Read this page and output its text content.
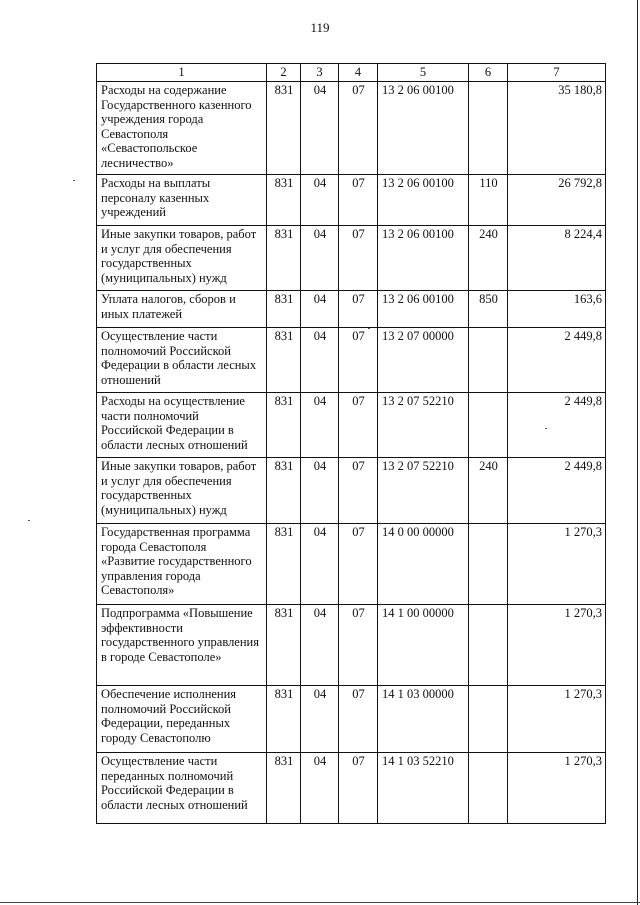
119
1	2	3	4	5	6	7
Расходы на содержание Государственного казенного учреждения города Севастополя «Севастопольское лесничество»	831	04	07	13 2 06 00100		35 180,8
Расходы на выплаты персоналу казенных учреждений	831	04	07	13 2 06 00100	110	26 792,8
Иные закупки товаров, работ и услуг для обеспечения государственных (муниципальных) нужд	831	04	07	13 2 06 00100	240	8 224,4
Уплата налогов, сборов и иных платежей	831	04	07	13 2 06 00100	850	163,6
Осуществление части полномочий Российской Федерации в области лесных отношений	831	04	07	13 2 07 00000		2 449,8
Расходы на осуществление части полномочий Российской Федерации в области лесных отношений	831	04	07	13 2 07 52210		2 449,8
Иные закупки товаров, работ и услуг для обеспечения государственных (муниципальных) нужд	831	04	07	13 2 07 52210	240	2 449,8
Государственная программа города Севастополя «Развитие государственного управления города Севастополя»	831	04	07	14 0 00 00000		1 270,3
Подпрограмма «Повышение эффективности государственного управления в городе Севастополе»	831	04	07	14 1 00 00000		1 270,3
Обеспечение исполнения полномочий Российской Федерации, переданных городу Севастополю	831	04	07	14 1 03 00000		1 270,3
Осуществление части переданных полномочий Российской Федерации в области лесных отношений	831	04	07	14 1 03 52210		1 270,3
